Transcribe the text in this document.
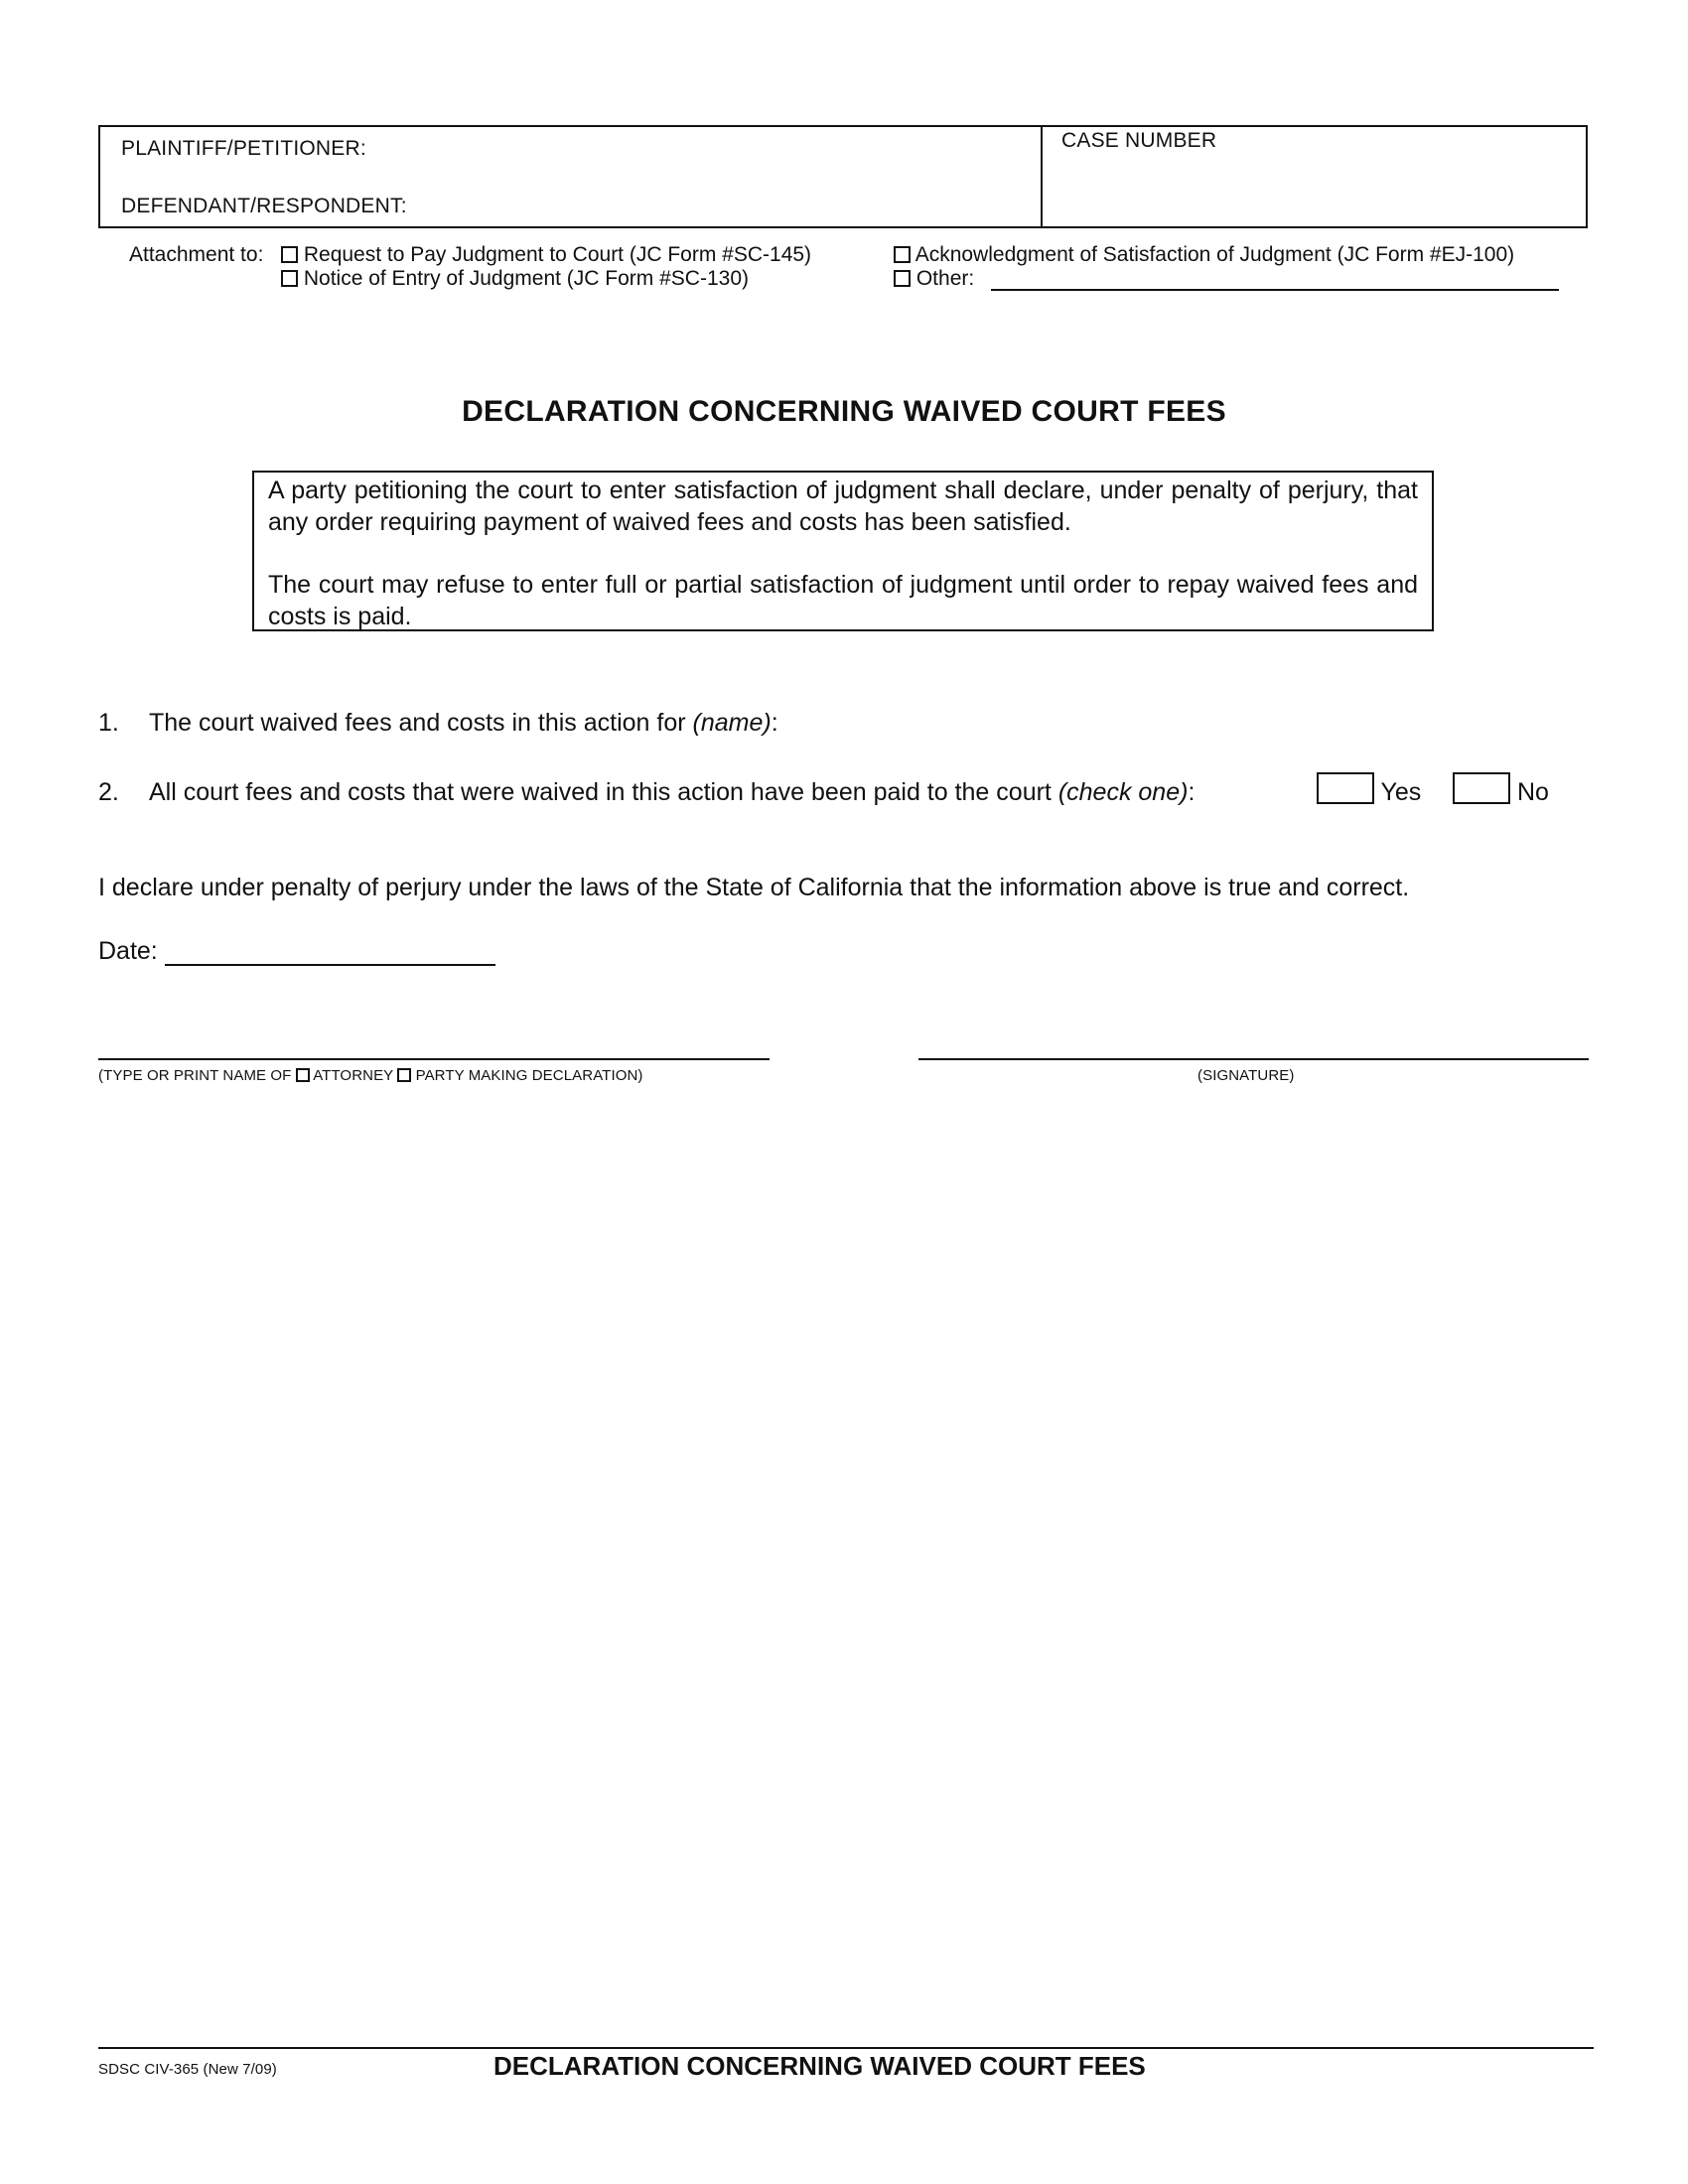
PLAINTIFF/PETITIONER:
DEFENDANT/RESPONDENT:
CASE NUMBER
Attachment to:	Request to Pay Judgment to Court (JC Form #SC-145)
Notice of Entry of Judgment (JC Form #SC-130)
Acknowledgment of Satisfaction of Judgment (JC Form #EJ-100)
Other:
DECLARATION CONCERNING WAIVED COURT FEES

A party petitioning the court to enter satisfaction of judgment shall declare, under penalty of perjury, that any order requiring payment of waived fees and costs has been satisfied.

The court may refuse to enter full or partial satisfaction of judgment until order to repay waived fees and costs is paid.

1. The court waived fees and costs in this action for (name):
2. All court fees and costs that were waived in this action have been paid to the court (check one):	Yes	No
I declare under penalty of perjury under the laws of the State of California that the information above is true and correct.
Date:
(TYPE OR PRINT NAME OF ATTORNEY PARTY MAKING DECLARATION)	(SIGNATURE)
SDSC CIV-365 (New 7/09)	DECLARATION CONCERNING WAIVED COURT FEES
